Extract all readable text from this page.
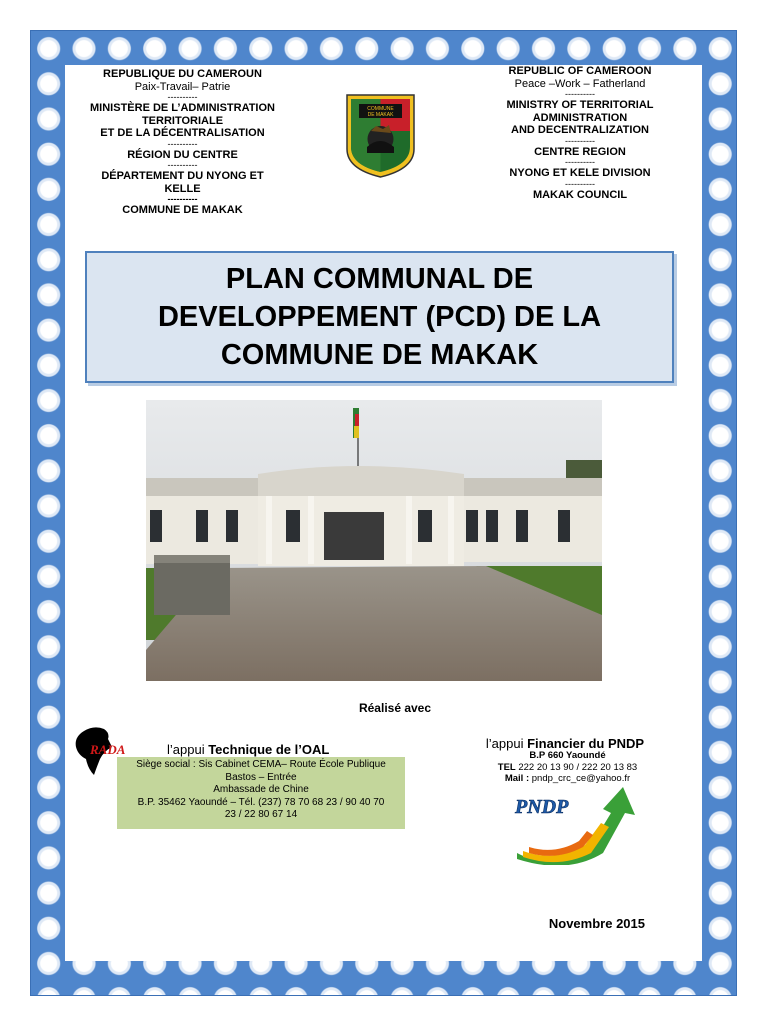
REPUBLIQUE DU CAMEROUN
Paix-Travail– Patrie
----------
MINISTÈRE DE L’ADMINISTRATION
TERRITORIALE
ET DE LA DÉCENTRALISATION
----------
RÉGION DU CENTRE
----------
DÉPARTEMENT DU NYONG ET
KELLE
----------
COMMUNE DE MAKAK
COMMUNE
DE MAKAK
REPUBLIC OF CAMEROON
Peace –Work – Fatherland
----------
MINISTRY OF TERRITORIAL
ADMINISTRATION
AND DECENTRALIZATION
----------
CENTRE REGION
----------
NYONG ET KELE DIVISION
----------
MAKAK COUNCIL
PLAN COMMUNAL DE
DEVELOPPEMENT (PCD) DE LA
COMMUNE DE MAKAK
Réalisé avec
RADA	l’appui Technique de l’OAL
Siège social : Sis Cabinet CEMA– Route École Publique
Bastos – Entrée
Ambassade de Chine
B.P. 35462 Yaoundé – Tél. (237) 78 70 68 23 / 90 40 70
23 / 22 80 67 14
l’appui Financier du PNDP
B.P 660 Yaoundé
TEL 222 20 13 90 / 222 20 13 83
Mail : pndp_crc_ce@yahoo.fr
PNDP
Novembre 2015
